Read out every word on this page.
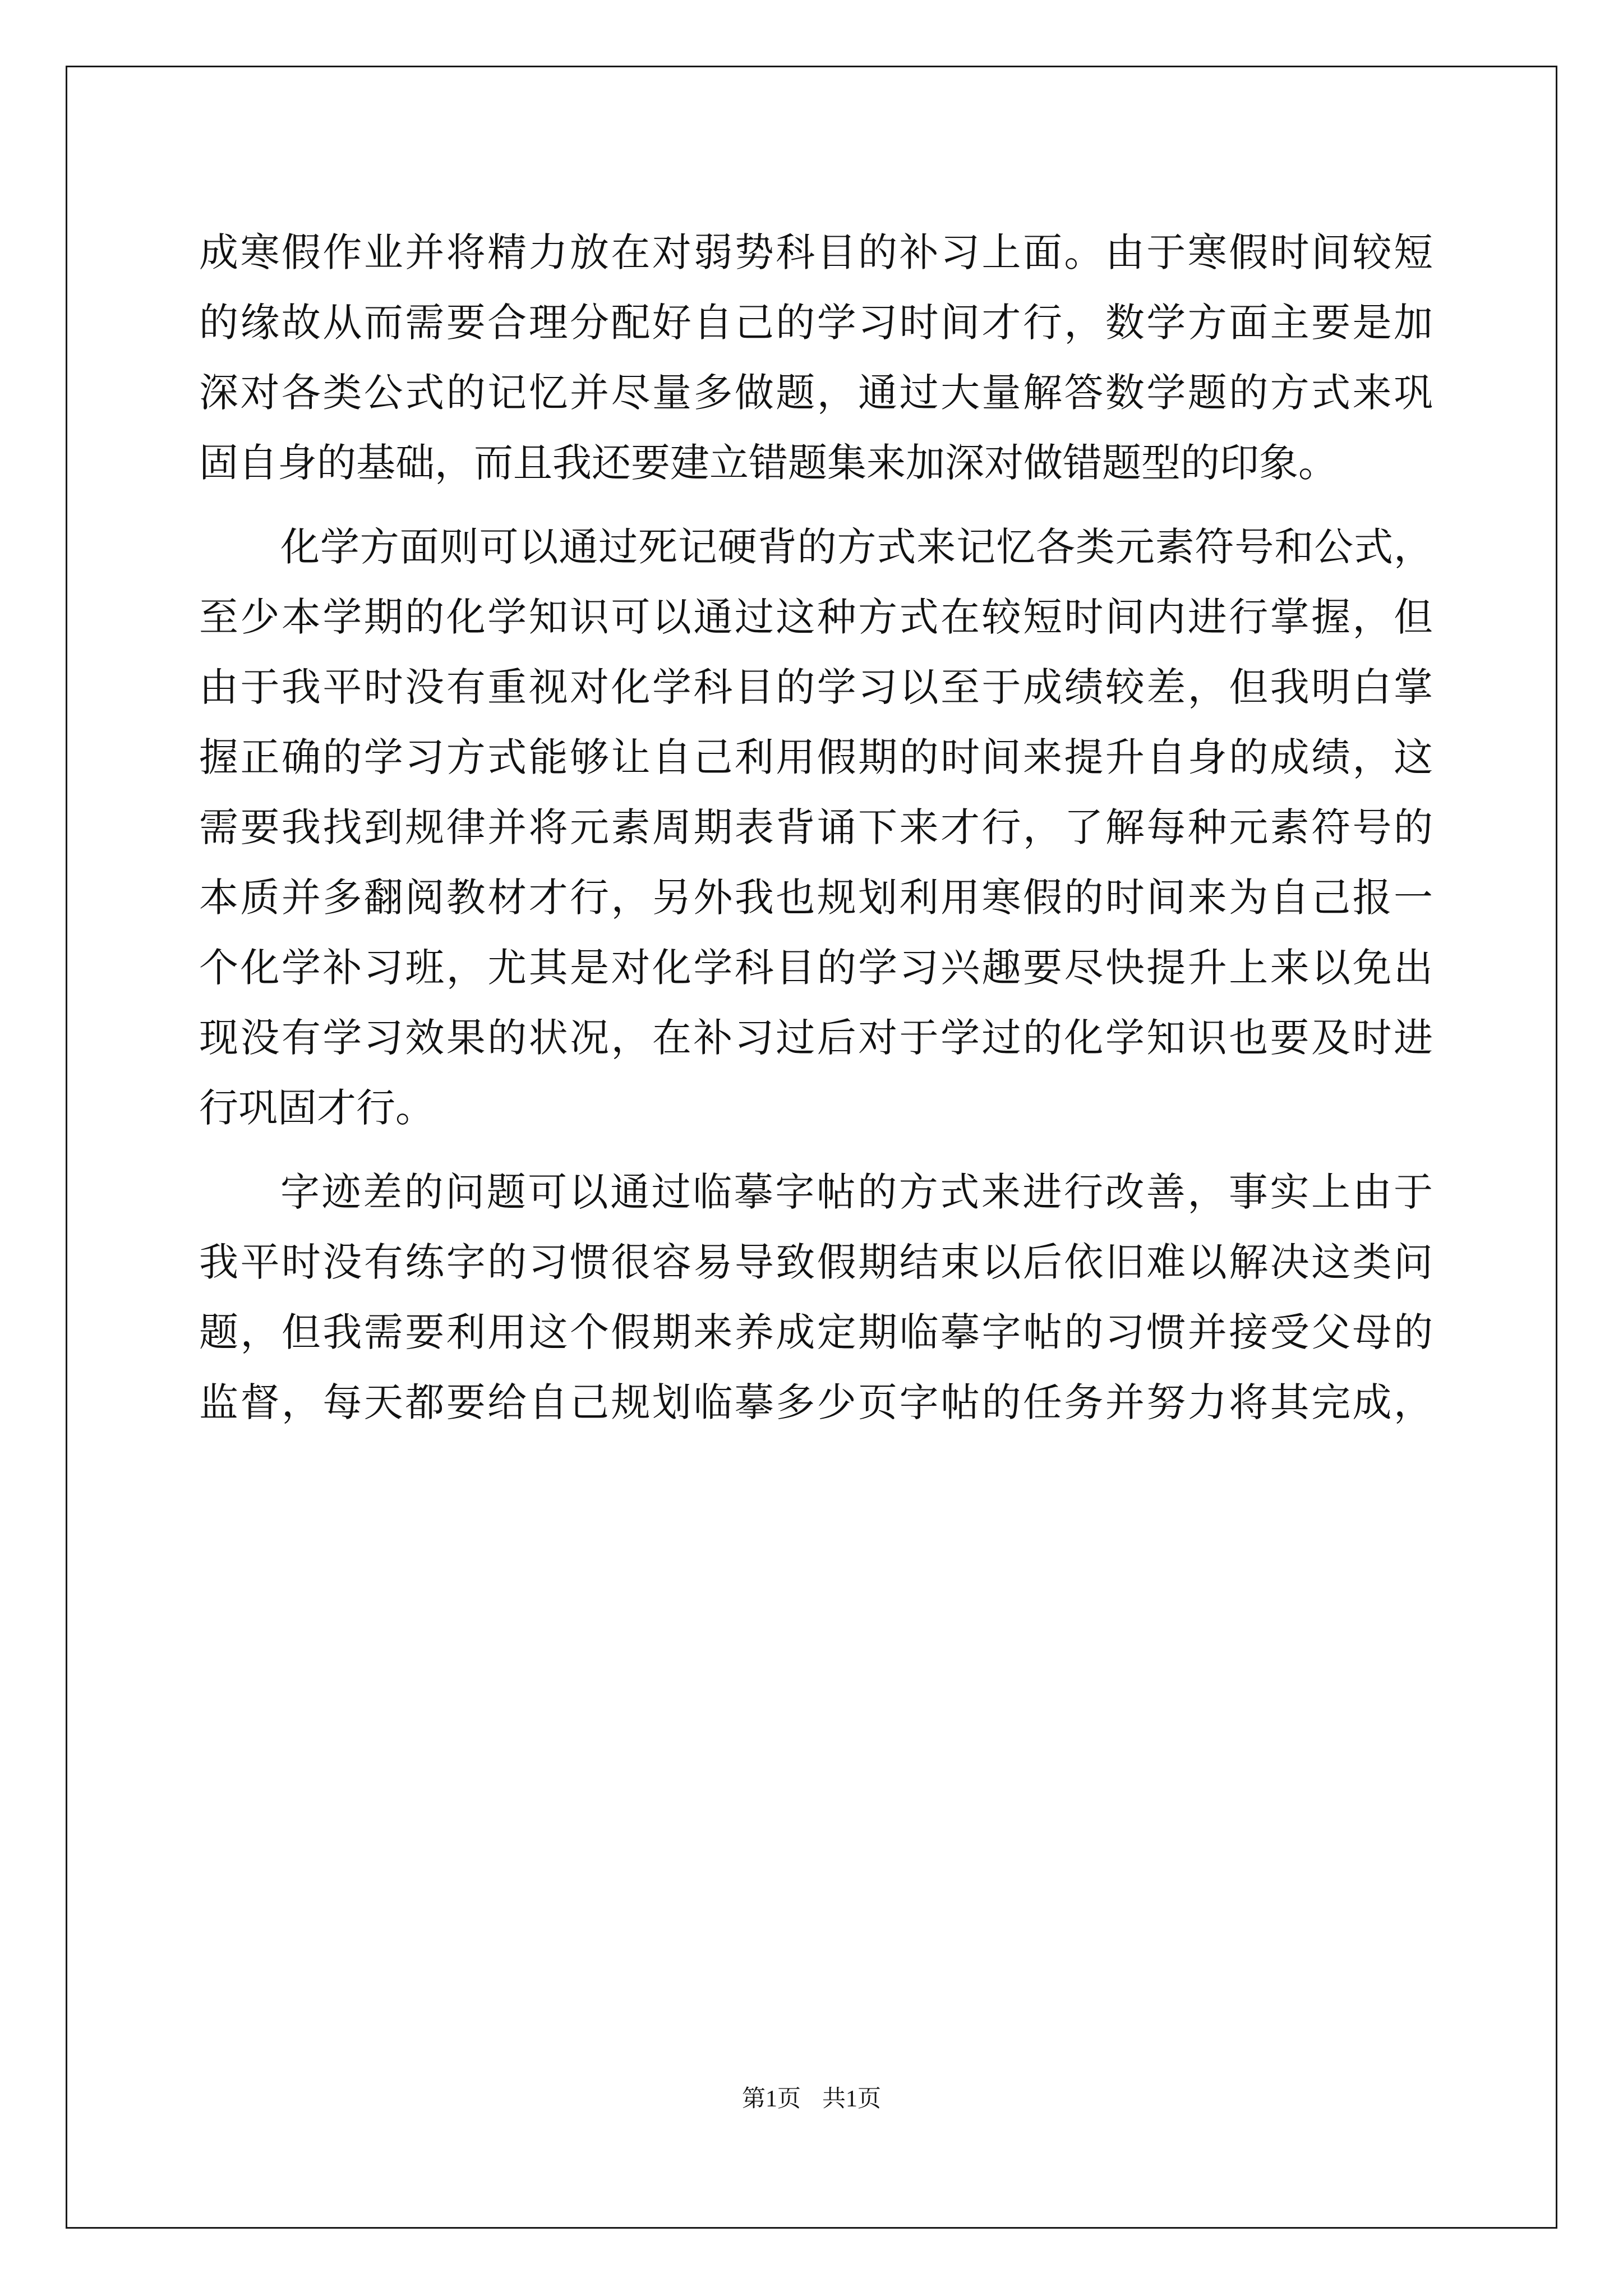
成寒假作业并将精力放在对弱势科目的补习上面。由于寒假时间较短
的缘故从而需要合理分配好自己的学习时间才行，数学方面主要是加
深对各类公式的记忆并尽量多做题，通过大量解答数学题的方式来巩
固自身的基础，而且我还要建立错题集来加深对做错题型的印象。
化学方面则可以通过死记硬背的方式来记忆各类元素符号和公式，
至少本学期的化学知识可以通过这种方式在较短时间内进行掌握，但
由于我平时没有重视对化学科目的学习以至于成绩较差，但我明白掌
握正确的学习方式能够让自己利用假期的时间来提升自身的成绩，这
需要我找到规律并将元素周期表背诵下来才行，了解每种元素符号的
本质并多翻阅教材才行，另外我也规划利用寒假的时间来为自己报一
个化学补习班，尤其是对化学科目的学习兴趣要尽快提升上来以免出
现没有学习效果的状况，在补习过后对于学过的化学知识也要及时进
行巩固才行。
字迹差的问题可以通过临摹字帖的方式来进行改善，事实上由于
我平时没有练字的习惯很容易导致假期结束以后依旧难以解决这类问
题，但我需要利用这个假期来养成定期临摹字帖的习惯并接受父母的
监督，每天都要给自己规划临摹多少页字帖的任务并努力将其完成，
第1页 共1页
